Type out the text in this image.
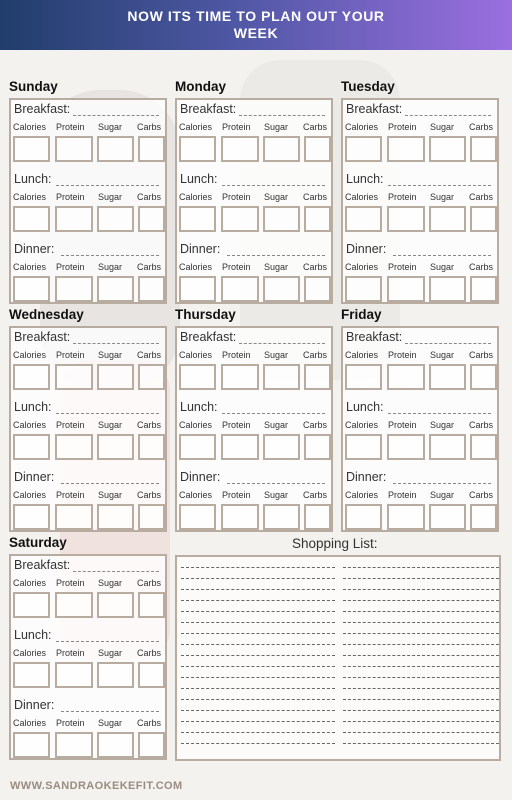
NOW ITS TIME TO PLAN OUT YOUR
WEEK
Sunday
Breakfast:
Calories Protein Sugar Carbs
Lunch:
Calories Protein Sugar Carbs
Dinner:
Calories Protein Sugar Carbs
Monday
Breakfast:
Calories Protein Sugar Carbs
Lunch:
Calories Protein Sugar Carbs
Dinner:
Calories Protein Sugar Carbs
Tuesday
Breakfast:
Calories Protein Sugar Carbs
Lunch:
Calories Protein Sugar Carbs
Dinner:
Calories Protein Sugar Carbs
Wednesday
Breakfast:
Calories Protein Sugar Carbs
Lunch:
Calories Protein Sugar Carbs
Dinner:
Calories Protein Sugar Carbs
Thursday
Breakfast:
Calories Protein Sugar Carbs
Lunch:
Calories Protein Sugar Carbs
Dinner:
Calories Protein Sugar Carbs
Friday
Breakfast:
Calories Protein Sugar Carbs
Lunch:
Calories Protein Sugar Carbs
Dinner:
Calories Protein Sugar Carbs
Saturday
Breakfast:
Calories Protein Sugar Carbs
Lunch:
Calories Protein Sugar Carbs
Dinner:
Calories Protein Sugar Carbs
Shopping List:
WWW.SANDRAOKEKEFIT.COM
